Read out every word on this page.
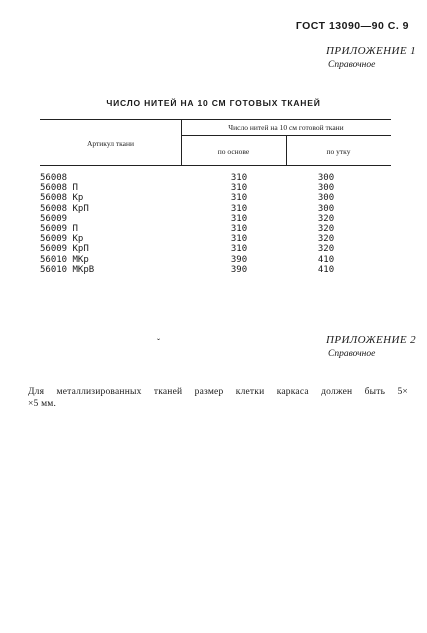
ГОСТ 13090—90 С. 9
ПРИЛОЖЕНИЕ 1
Справочное
ЧИСЛО НИТЕЙ НА 10 СМ ГОТОВЫХ ТКАНЕЙ
Артикул ткани
Число нитей на 10 см готовой ткани
по основе	по утку
56008	310	300
56008 П	310	300
56008 Кр	310	300
56008 КрП	310	300
56009	310	320
56009 П	310	320
56009 Кр	310	320
56009 КрП	310	320
56010 МКр	390	410
56010 МКрВ	390	410
ˇ	ПРИЛОЖЕНИЕ 2
Справочное
Для металлизированных тканей размер клетки каркаса должен быть 5×
×5 мм.
